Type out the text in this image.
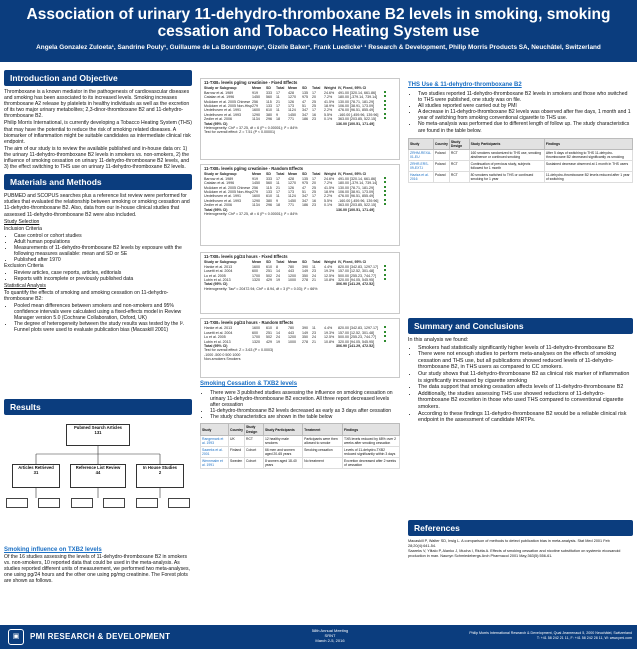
Association of urinary 11-dehydro-thromboxane B2 levels in smoking, smoking cessation and Tobacco Heating System use
Angela Gonzalez Zuloeta¹, Sandrine Pouly¹, Guillaume de La Bourdonnaye¹, Gizelle Baker¹, Frank Luedicke¹ ¹ Research & Development, Philip Morris Products SA, Neuchâtel, Switzerland
Introduction and Objective

Thromboxane is a known mediator in the pathogenesis of cardiovascular diseases and smoking has been associated to its increased levels. Smoking increases thromboxane A2 release by platelets in healthy individuals as well as the excretion of its two major urinary metabolites; 2,3-dinor-thromboxane B2 and 11-dehydro-thromboxane B2.

Philip Morris International, is currently developing a Tobacco Heating System (THS) that may have the potential to reduce the risk of smoking related diseases. A biomarker of inflammation might be suitable candidates as intermediate clinical risk endpoint.

The aim of our study is to review the available published and in-house data on: 1) the urinary 11-dehydro-thromboxane B2 levels in smokers vs. non-smokers, 2) the influence of smoking cessation on urinary 11-dehydro-thromboxane B2 levels, and 3) the effect switching to THS use on urinary 11-dehydro-thromboxane B2 levels.

Materials and Methods

PUBMED and SCOPUS searches plus a reference list review were performed for studies that evaluated the relationship between smoking or smoking cessation and 11-dehydro-thromboxane B2. Also, data from our in-house clinical studies that assessed 11-dehydro-thromboxane B2 were also included.

Study Selection

Inclusion Criteria

• Case control or cohort studies
• Adult human populations
• Measurements of 11-dehydro-thromboxane B2 levels by exposure with the following measures available: mean and SD or SE
• Published after 1970

Exclusion Criteria

• Review articles, case reports, articles, editorials
• Reports with incomplete or previously published data

Statistical Analysis

To quantify the effects of smoking and smoking cessation on 11-dehydro-thromboxane B2:

• Pooled mean differences between smokers and non-smokers and 95% confidence intervals were calculated using a fixed-effects model in Review Manager version 5.0 (Cochrane Collaboration, Oxford, UK)
• The degree of heterogeneity between the study results was tested by the I². Funnel plots were used to evaluate publication bias (Macaskill 2001)
Results
Pubmed Search Articles
131
Articles Retrieved
31
Reference List Review
44
In House Studies
2
Smoking influence on TXB2 levels
Of the 16 studies assessing the levels of 11-dehydro-thromboxane B2 in smokers vs. non-smokers, 10 reported data that could be used in the meta-analysis. As studies reported different units of measurement, we performed two meta-analyses, one using pg/24 hours and the other one using pg/mg creatinine. The Forest plots are shown as follows.
11-TXB₂ levels pg/mg creatinine - Fixed Effects
Study or Subgroup	Mean	SD	Total	Mean	SD	Total	Weight IV, Fixed, 95% CI
Barrow et al. 1989	919	333	17	428	135	17	24.6%	491.00 [320.14, 661.86]
Catalan et al. 1996	1450	560	11	1270	975	20	7.2%	180.00 [-379.14, 739.14]
McAdam et al. 2005 Chinese 256	115	21	126	47	25	41.5%	130.00 [78.71, 181.29]
McAdam et al. 2005 Non-Hisp 279	133	17	173	51	25	18.9%	106.00 [38.91, 173.09]
Uedelhoven et al. 1991	1600	610	11	1124	347	17	2.2%	476.00 [96.51, 855.49]
Uedelhoven et al. 1993	1290	380	9	1450	347	16	5.5%	-160.00 [-459.96, 139.96]
Zedler et al. 2006	1134	296	18	771	186	23	0.1%	363.00 [203.85, 522.15]
Total (95% CI)	136.00 [100.51, 171.49]
Heterogeneity: Chi² = 37.25, df = 6 (P < 0.00001); I² = 84%
Test for overall effect: Z = 7.51 (P < 0.00001)
11-TXB₂ levels pg/mg creatinine - Random Effects
Study or Subgroup	Mean	SD	Total	Mean	SD	Total	Weight IV, Fixed, 95% CI
Barrow et al. 1989	919	333	17	428	135	17	24.6%	491.00 [320.14, 661.86]
Catalan et al. 1996	1450	560	11	1270	975	20	7.2%	180.00 [-379.14, 739.14]
McAdam et al. 2005 Chinese 256	115	21	126	47	25	41.5%	130.00 [78.71, 181.29]
McAdam et al. 2005 Non-Hisp 279	133	17	173	51	25	18.9%	106.00 [38.91, 173.09]
Uedelhoven et al. 1991	1600	610	11	1124	347	17	2.2%	476.00 [96.51, 855.49]
Uedelhoven et al. 1993	1290	380	9	1450	347	16	5.5%	-160.00 [-459.96, 139.96]
Zedler et al. 2006	1134	296	18	771	186	23	0.1%	363.00 [203.85, 522.15]
Total (95% CI)	136.00 [100.51, 171.49]
Heterogeneity: Chi² = 37.25, df = 6 (P < 0.00001); I² = 84%
11-TXB₂ levels pg/24 hours - Fixed Effects
Study or Subgroup	Mean	SD	Total	Mean	SD	Total	Weight IV, Fixed, 95% CI
Hanke et al. 2013	1600	610	8	780	390	11	4.4%	820.00 [342.83, 1297.17]
Lusetti et al. 2004	600	251	14	443	149	23	19.3%	157.00 [12.52, 301.48]
Lu et al. 2005	1700	502	24	1200	350	24	12.5%	500.00 [255.23, 744.77]
Lubin et al. 2013	1320	429	19	1000	278	21	10.8%	320.00 [94.05, 545.95]
Total (95% CI)	306.90 [141.29, 472.52]
Heterogeneity: Tau² = 20472.94; Chi² = 8.94, df = 3 (P = 0.03); I² = 66%
11-TXB₂ levels pg/24 hours - Random Effects
Hanke et al. 2013	1600	610	8	780	390	11	4.4%	820.00 [342.83, 1297.17]
Lusetti et al. 2004	600	251	14	443	149	23	19.3%	157.00 [12.52, 301.48]
Lu et al. 2005	1700	502	24	1200	350	24	12.5%	500.00 [255.23, 744.77]
Lubin et al. 2013	1320	429	19	1000	278	21	10.8%	320.00 [94.05, 545.95]
Total (95% CI)	306.90 [141.29, 472.52]
Test for overall effect: Z = 3.63 (P = 0.0003)
-1000 -500 0 500 1000
Non-smokers Smokers
Smoking Cessation & TXB2 levels
• There were 3 published studies assessing the influence on smoking cessation on urinary 11-dehydro-thromboxane B2 excretion. All three report decreased levels after cessation
• 11-dehydro-thromboxane B2 levels decreased as early as 3 days after cessation
• The study characteristics are shown in the table below
Study	Country	Study Design	Study Participants	Treatment	Findings
Rangemark et al. 1993	UK	RCT	12 healthy male smokers	Participants were then allowed to smoke	TXB levels reduced by 68% over 2 weeks after smoking cessation
Saareks et al. 2001	Finland	Cohort	66 men and women aged 20-65 years	Smoking cessation	Levels of 11-dehydro-TXB2 reduced significantly within 3 days
Wennmalm et al. 1991	Sweden	Cohort	8 women aged 18-40 years	No treatment	Excretion decreased after 2 weeks of cessation
THS Use & 11-dehydro-thromboxane B2
• Two studies reported 11-dehydro-thromboxane B2 levels in smokers and those who switched to THS were published, one study was on file.
• All studies reported were carried out by PMI
• A decrease in 11-dehydro-thromboxane B2 levels was observed after five days, 1 month and 1 year of switching from smoking conventional cigarette to THS use.
• No meta-analysis was performed due to different length of follow up. The study characteristics are found in the table below.
Study	Country	Study Design	Study Participants	Findings
ZRHM-REXA-01-EU	Poland	RCT	160 smokers randomized to THS use, smoking abstinence or continued smoking	After 5 days of switching to THS 11-dehydro-thromboxane B2 decreased significantly vs smoking
ZRHR-ERS-09-EXT-I	Poland	RCT	Continuation of previous study, subjects followed for 1 month	Sustained decrease observed at 1 month in THS users
Haziza et al. 2016	Poland	RCT	80 smokers switched to THS or continued smoking for 1 year	11-dehydro-thromboxane B2 levels reduced after 1 year of switching
Summary and Conclusions

In this analysis we found:

• Smokers had statistically significantly higher levels of 11-dehydro-thromboxane B2
• There were not enough studies to perform meta-analyses on the effects of smoking cessation and THS use, but all publications showed reduced levels of 11-dehydro-thromboxane B2, in THS users as compared to CC smokers.
• Our study shows that 11-dehydro-thromboxane B2 as clinical risk marker of inflammation is significantly increased by cigarette smoking
• The data support that smoking cessation affects levels of 11-dehydro-thromboxane B2
• Additionally, the studies assessing THS use showed reductions of 11-dehydro-thromboxane B2 excretion in those who used THS compared to conventional cigarette smokers.
• According to these findings 11-dehydro-thromboxane B2 would be a reliable clinical risk endpoint in the assessment of candidate MRTPs.
References

Macaskill P, Walter SD, Irwig L. A comparison of methods to detect publication bias in meta-analysis. Stat Med 2001 Feb 28;20(4):641-54.

Saareks V, Ylitalo P, Alanko J, Mucha I, Riutta A. Effects of smoking cessation and nicotine substitution on systemic eicosanoid production in man. Naunyn Schmiedebergs Arch Pharmacol 2001 May;363(5):556-61.

▣	PMI RESEARCH & DEVELOPMENT
58th Annual Meeting
SRNT
March 2-5, 2016
Philip Morris International Research & Development, Quai Jeanrenaud 5, 2000 Neuchâtel, Switzerland
T: +41 58 242 21 11, F: +41 58 242 28 11, W: www.pmi.com
